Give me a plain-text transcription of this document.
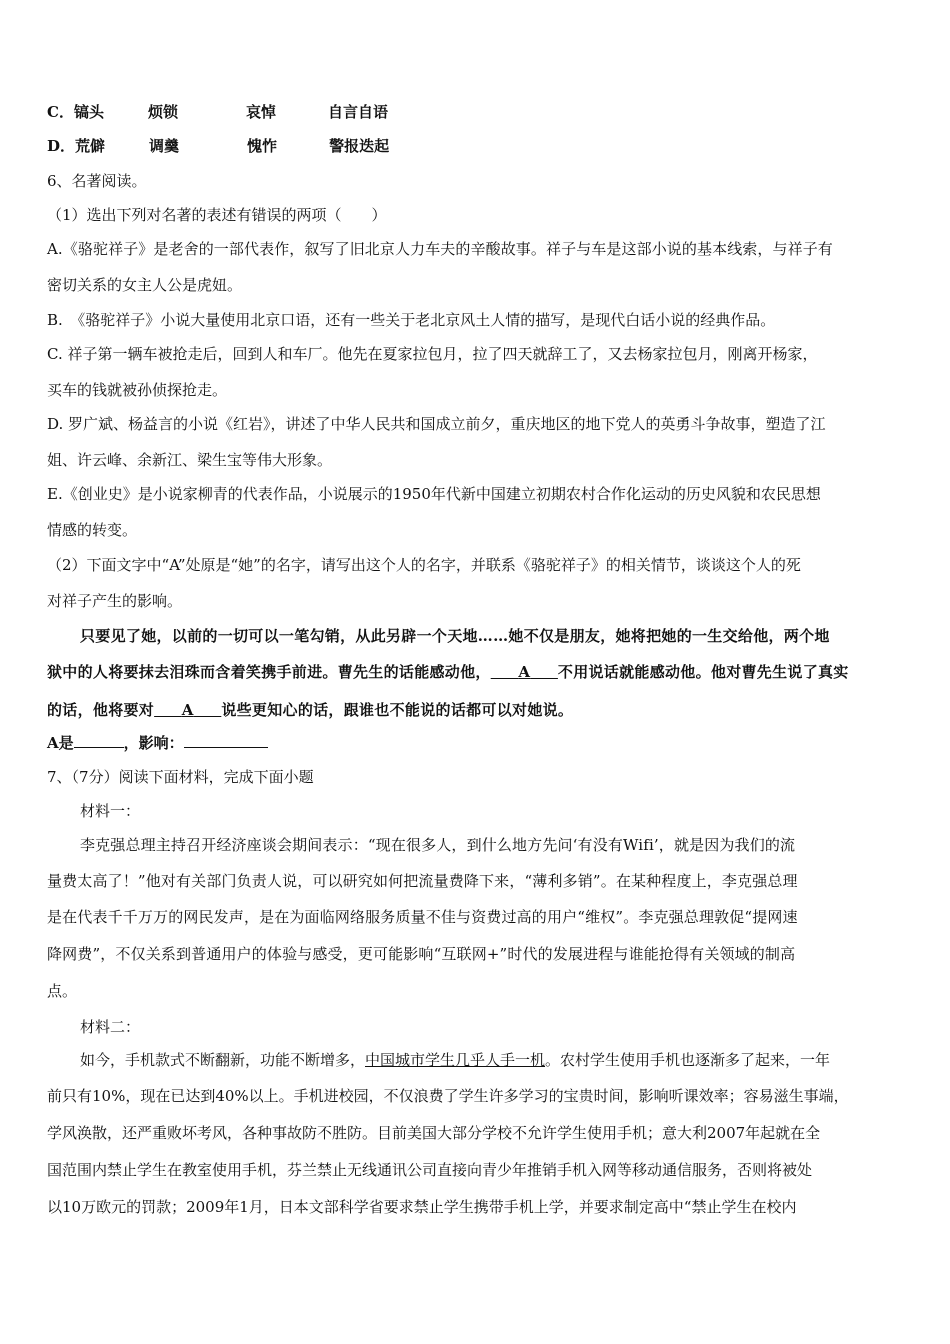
C．镐头	烦锁	哀悼	自言自语
D．荒僻	调羹	愧怍	警报迭起
6、名著阅读。
（1）选出下列对名著的表述有错误的两项（　　）
A.《骆驼祥子》是老舍的一部代表作，叙写了旧北京人力车夫的辛酸故事。祥子与车是这部小说的基本线索，与祥子有
密切关系的女主人公是虎妞。
B.　《骆驼祥子》小说大量使用北京口语，还有一些关于老北京风土人情的描写，是现代白话小说的经典作品。
C. 祥子第一辆车被抢走后，回到人和车厂。他先在夏家拉包月，拉了四天就辞工了，又去杨家拉包月，刚离开杨家，
买车的钱就被孙侦探抢走。
D. 罗广斌、杨益言的小说《红岩》，讲述了中华人民共和国成立前夕，重庆地区的地下党人的英勇斗争故事，塑造了江
姐、许云峰、余新江、梁生宝等伟大形象。
E.《创业史》是小说家柳青的代表作品，小说展示的1950年代新中国建立初期农村合作化运动的历史风貌和农民思想
情感的转变。
（2）下面文字中“A”处原是“她”的名字，请写出这个人的名字，并联系《骆驼祥子》的相关情节，谈谈这个人的死
对祥子产生的影响。
只要见了她，以前的一切可以一笔勾销，从此另辟一个天地……她不仅是朋友，她将把她的一生交给他，两个地
狱中的人将要抹去泪珠而含着笑携手前进。曹先生的话能感动他， A 不用说话就能感动他。他对曹先生说了真实
的话，他将要对 A 说些更知心的话，跟谁也不能说的话都可以对她说。
A是	，影响：
7、（7分）阅读下面材料，完成下面小题
材料一：
李克强总理主持召开经济座谈会期间表示：“现在很多人，到什么地方先问‘有没有Wifi’，就是因为我们的流
量费太高了！”他对有关部门负责人说，可以研究如何把流量费降下来，“薄利多销”。在某种程度上，李克强总理
是在代表千千万万的网民发声，是在为面临网络服务质量不佳与资费过高的用户“维权”。李克强总理敦促“提网速
降网费”，不仅关系到普通用户的体验与感受，更可能影响“互联网+”时代的发展进程与谁能抢得有关领域的制高
点。
材料二：
如今，手机款式不断翻新，功能不断增多，中国城市学生几乎人手一机。农村学生使用手机也逐渐多了起来，一年
前只有10%，现在已达到40%以上。手机进校园，不仅浪费了学生许多学习的宝贵时间，影响听课效率；容易滋生事端，
学风涣散，还严重败坏考风，各种事故防不胜防。目前美国大部分学校不允许学生使用手机；意大利2007年起就在全
国范围内禁止学生在教室使用手机，芬兰禁止无线通讯公司直接向青少年推销手机入网等移动通信服务，否则将被处
以10万欧元的罚款；2009年1月，日本文部科学省要求禁止学生携带手机上学，并要求制定高中“禁止学生在校内
